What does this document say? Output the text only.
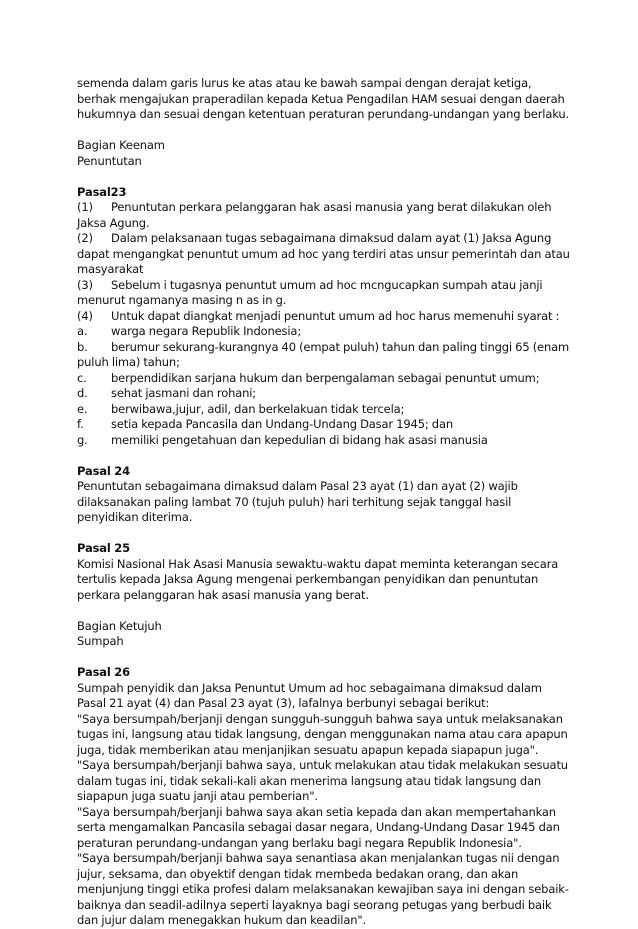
semenda dalam garis lurus ke atas atau ke bawah sampai dengan derajat ketiga, berhak mengajukan praperadilan kepada Ketua Pengadilan HAM sesuai dengan daerah hukumnya dan sesuai dengan ketentuan peraturan perundang-undangan yang berlaku.

Bagian Keenam

Penuntutan

Pasal23

(1) Penuntutan perkara pelanggaran hak asasi manusia yang berat dilakukan oleh Jaksa Agung.

(2) Dalam pelaksanaan tugas sebagaimana dimaksud dalam ayat (1) Jaksa Agung dapat mengangkat penuntut umum ad hoc yang terdiri atas unsur pemerintah dan atau masyarakat

(3) Sebelum i tugasnya penuntut umum ad hoc mcngucapkan sumpah atau janji menurut ngamanya masing n as in g.

(4) Untuk dapat diangkat menjadi penuntut umum ad hoc harus memenuhi syarat :

a. warga negara Republik Indonesia;

b. berumur sekurang-kurangnya 40 (empat puluh) tahun dan paling tinggi 65 (enam puluh lima) tahun;

c. berpendidikan sarjana hukum dan berpengalaman sebagai penuntut umum;

d. sehat jasmani dan rohani;

e. berwibawa,jujur, adil, dan berkelakuan tidak tercela;

f. setia kepada Pancasila dan Undang-Undang Dasar 1945; dan

g. memiliki pengetahuan dan kepedulian di bidang hak asasi manusia

Pasal 24

Penuntutan sebagaimana dimaksud dalam Pasal 23 ayat (1) dan ayat (2) wajib dilaksanakan paling lambat 70 (tujuh puluh) hari terhitung sejak tanggal hasil penyidikan diterima.

Pasal 25

Komisi Nasional Hak Asasi Manusia sewaktu-waktu dapat meminta keterangan secara tertulis kepada Jaksa Agung mengenai perkembangan penyidikan dan penuntutan perkara pelanggaran hak asasi manusia yang berat.

Bagian Ketujuh

Sumpah

Pasal 26

Sumpah penyidik dan Jaksa Penuntut Umum ad hoc sebagaimana dimaksud dalam Pasal 21 ayat (4) dan Pasal 23 ayat (3), lafalnya berbunyi sebagai berikut:

"Saya bersumpah/berjanji dengan sungguh-sungguh bahwa saya untuk melaksanakan tugas ini, langsung atau tidak langsung, dengan menggunakan nama atau cara apapun juga, tidak memberikan atau menjanjikan sesuatu apapun kepada siapapun juga".

"Saya bersumpah/berjanji bahwa saya, untuk melakukan atau tidak melakukan sesuatu dalam tugas ini, tidak sekali-kali akan menerima langsung atau tidak langsung dan siapapun juga suatu janji atau pemberian".

"Saya bersumpah/berjanji bahwa saya akan setia kepada dan akan mempertahankan serta mengamalkan Pancasila sebagai dasar negara, Undang-Undang Dasar 1945 dan peraturan perundang-undangan yang berlaku bagi negara Republik Indonesia".

"Saya bersumpah/berjanji bahwa saya senantiasa akan menjalankan tugas nii dengan jujur, seksama, dan obyektif dengan tidak membeda bedakan orang, dan akan menjunjung tinggi etika profesi dalam melaksanakan kewajiban saya ini dengan sebaik-baiknya dan seadil-adilnya seperti layaknya bagi seorang petugas yang berbudi baik dan jujur dalam menegakkan hukum dan keadilan".
